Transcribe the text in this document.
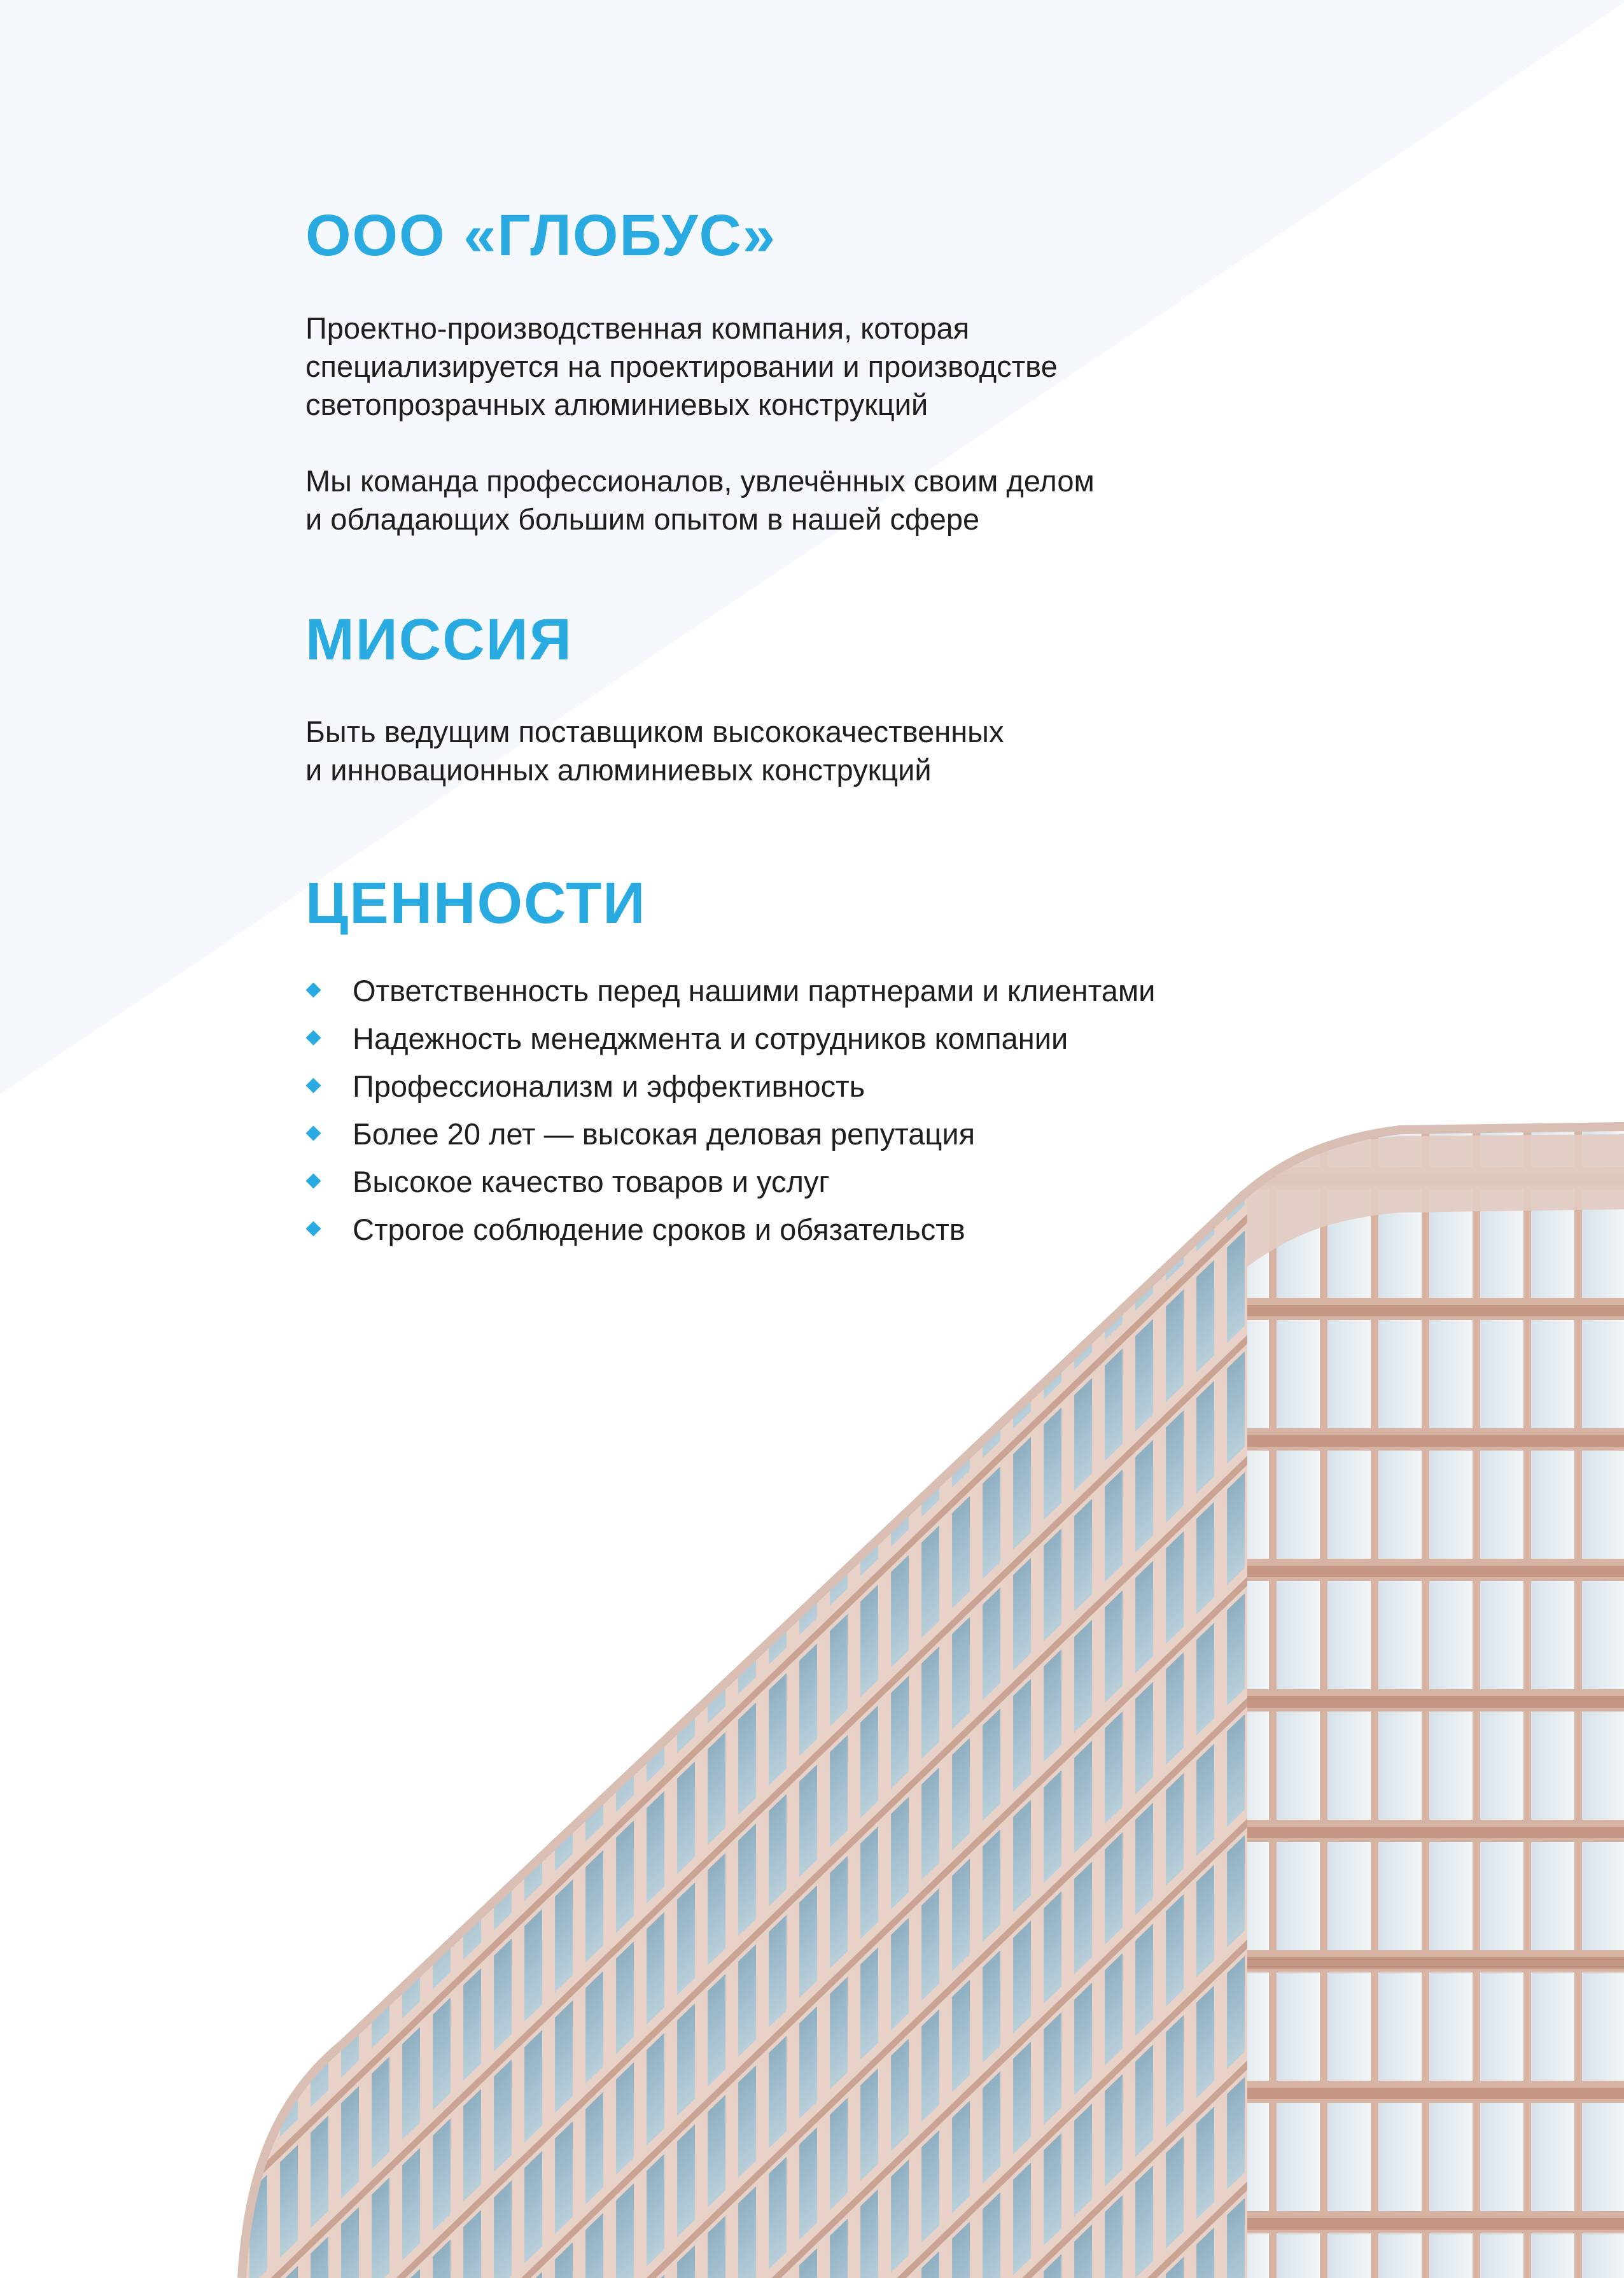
ООО «ГЛОБУС»

Проектно-производственная компания, которая

специализируется на проектировании и производстве

светопрозрачных алюминиевых конструкций

Мы команда профессионалов, увлечённых своим делом

и обладающих большим опытом в нашей сфере

МИССИЯ

Быть ведущим поставщиком высококачественных

и инновационных алюминиевых конструкций

ЦЕННОСТИ
Ответственность перед нашими партнерами и клиентами
Надежность менеджмента и сотрудников компании
Профессионализм и эффективность
Более 20 лет — высокая деловая репутация
Высокое качество товаров и услуг
Строгое соблюдение сроков и обязательств
